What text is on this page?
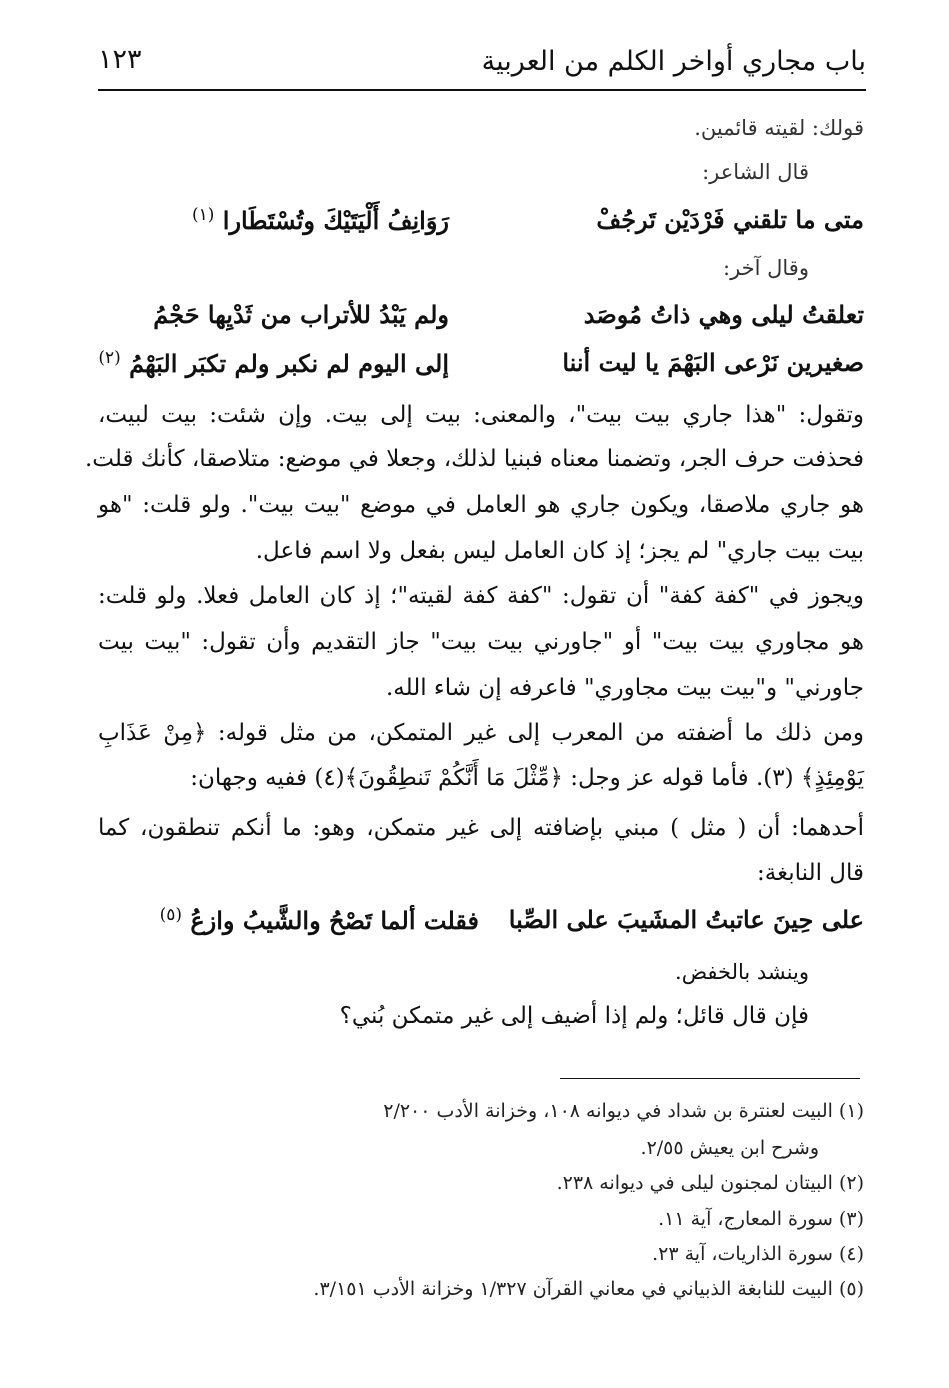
باب مجاري أواخر الكلم من العربية
١٢٣
قولك: لقيته قائمين.
قال الشاعر:
متى ما تلقني فَرْدَيْن تَرجُفْ
رَوَانِفُ أَلْيَتَيْكَ وتُسْتَطَارا $^{(١)}$
وقال آخر:
تعلقتُ ليلى وهي ذاتُ مُوصَد
ولم يَبْدُ للأتراب من ثَدْيِها حَجْمُ
صغيرين نَرْعى البَهْمَ يا ليت أننا
إلى اليوم لم نكبر ولم تكبَر البَهْمُ $^{(٢)}$
وتقول: "هذا جاري بيت بيت"، والمعنى: بيت إلى بيت. وإن شئت: بيت لبيت،
فحذفت حرف الجر، وتضمنا معناه فبنيا لذلك، وجعلا في موضع: متلاصقا، كأنك قلت.
هو جاري ملاصقا، ويكون جاري هو العامل في موضع "بيت بيت". ولو قلت: "هو
بيت بيت جاري" لم يجز؛ إذ كان العامل ليس بفعل ولا اسم فاعل.
ويجوز في "كفة كفة" أن تقول: "كفة كفة لقيته"؛ إذ كان العامل فعلا. ولو قلت:
هو مجاوري بيت بيت" أو "جاورني بيت بيت" جاز التقديم وأن تقول: "بيت بيت
جاورني" و"بيت بيت مجاوري" فاعرفه إن شاء الله.
ومن ذلك ما أضفته من المعرب إلى غير المتمكن، من مثل قوله: ﴿مِنْ عَذَابِ
يَوْمِئِذٍ﴾ (٣). فأما قوله عز وجل: ﴿مِّثْلَ مَا أَنَّكُمْ تَنطِقُونَ﴾(٤) ففيه وجهان:
أحدهما: أن ( مثل ) مبني بإضافته إلى غير متمكن، وهو: ما أنكم تنطقون، كما
قال النابغة:
على حِينَ عاتبتُ المشَيبَ على الصِّبا
فقلت ألما تَصْحُ والشَّيبُ وازعُ $^{(٥)}$
وينشد بالخفض.
فإن قال قائل؛ ولم إذا أضيف إلى غير متمكن بُني؟
(١) البيت لعنترة بن شداد في ديوانه ١٠٨، وخزانة الأدب ٢/٢٠٠
وشرح ابن يعيش ٢/٥٥.
(٢) البيتان لمجنون ليلى في ديوانه ٢٣٨.
(٣) سورة المعارج، آية ١١.
(٤) سورة الذاريات، آية ٢٣.
(٥) البيت للنابغة الذبياني في معاني القرآن ١/٣٢٧ وخزانة الأدب ٣/١٥١.
